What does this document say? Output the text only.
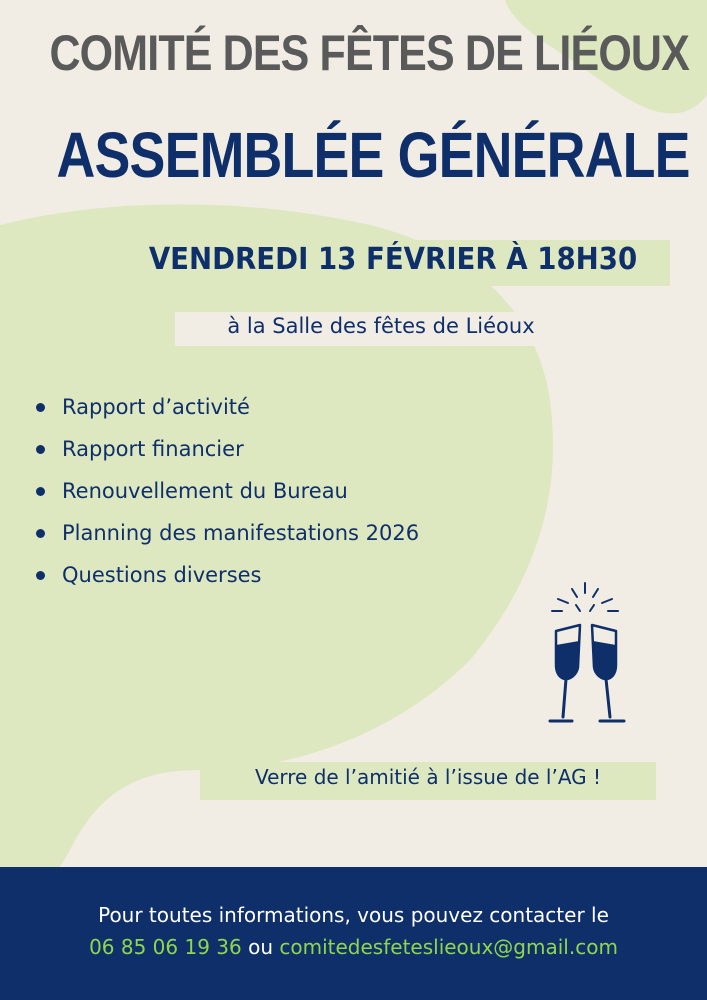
COMITÉ DES FÊTES DE LIÉOUX
ASSEMBLÉE GÉNÉRALE
VENDREDI 13 FÉVRIER À 18H30
à la Salle des fêtes de Liéoux
Rapport d’activité
Rapport financier
Renouvellement du Bureau
Planning des manifestations 2026
Questions diverses
Verre de l’amitié à l’issue de l’AG !
Pour toutes informations, vous pouvez contacter le
06 85 06 19 36 ou comitedesfeteslieoux@gmail.com
